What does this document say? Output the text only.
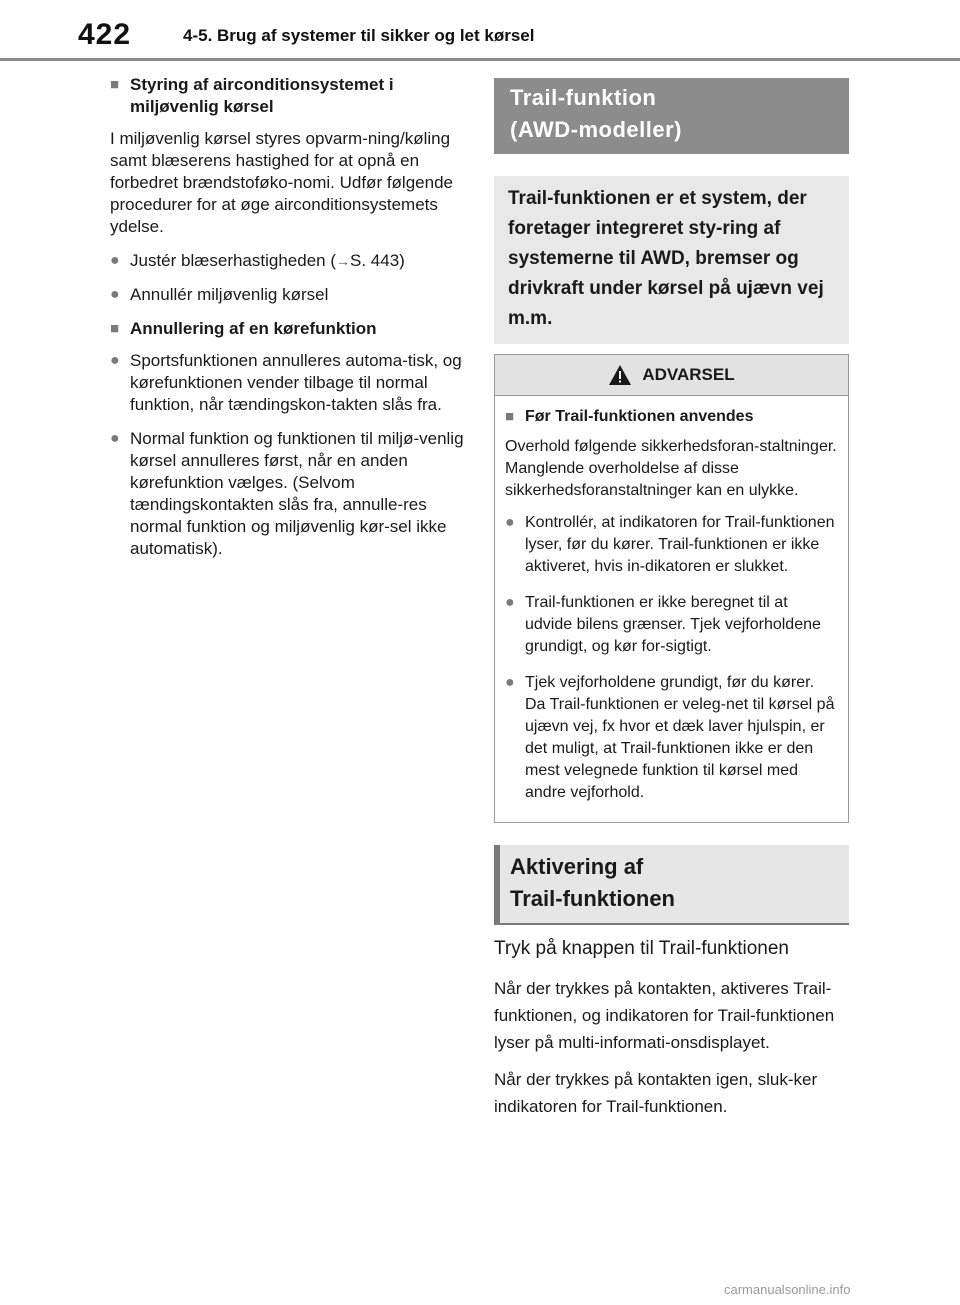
422	4-5. Brug af systemer til sikker og let kørsel
■ Styring af airconditionsystemet i miljøvenlig kørsel
I miljøvenlig kørsel styres opvarm-ning/køling samt blæserens hastighed for at opnå en forbedret brændstoføko-nomi. Udfør følgende procedurer for at øge airconditionsystemets ydelse.
● Justér blæserhastigheden (→S. 443)
● Annullér miljøvenlig kørsel
■ Annullering af en kørefunktion
● Sportsfunktionen annulleres automa-tisk, og kørefunktionen vender tilbage til normal funktion, når tændingskon-takten slås fra.
● Normal funktion og funktionen til miljø-venlig kørsel annulleres først, når en anden kørefunktion vælges. (Selvom tændingskontakten slås fra, annulle-res normal funktion og miljøvenlig kør-sel ikke automatisk).
Trail-funktion
(AWD-modeller)
Trail-funktionen er et system, der foretager integreret sty-ring af systemerne til AWD, bremser og drivkraft under kørsel på ujævn vej m.m.
ADVARSEL
■ Før Trail-funktionen anvendes
Overhold følgende sikkerhedsforan-staltninger. Manglende overholdelse af disse sikkerhedsforanstaltninger kan en ulykke.
● Kontrollér, at indikatoren for Trail-funktionen lyser, før du kører. Trail-funktionen er ikke aktiveret, hvis in-dikatoren er slukket.
● Trail-funktionen er ikke beregnet til at udvide bilens grænser. Tjek vejforholdene grundigt, og kør for-sigtigt.
● Tjek vejforholdene grundigt, før du kører. Da Trail-funktionen er veleg-net til kørsel på ujævn vej, fx hvor et dæk laver hjulspin, er det muligt, at Trail-funktionen ikke er den mest velegnede funktion til kørsel med andre vejforhold.
Aktivering af
Trail-funktionen
Tryk på knappen til Trail-funktionen
Når der trykkes på kontakten, aktiveres Trail-funktionen, og indikatoren for Trail-funktionen lyser på multi-informati-onsdisplayet.
Når der trykkes på kontakten igen, sluk-ker indikatoren for Trail-funktionen.
carmanualsonline.info
